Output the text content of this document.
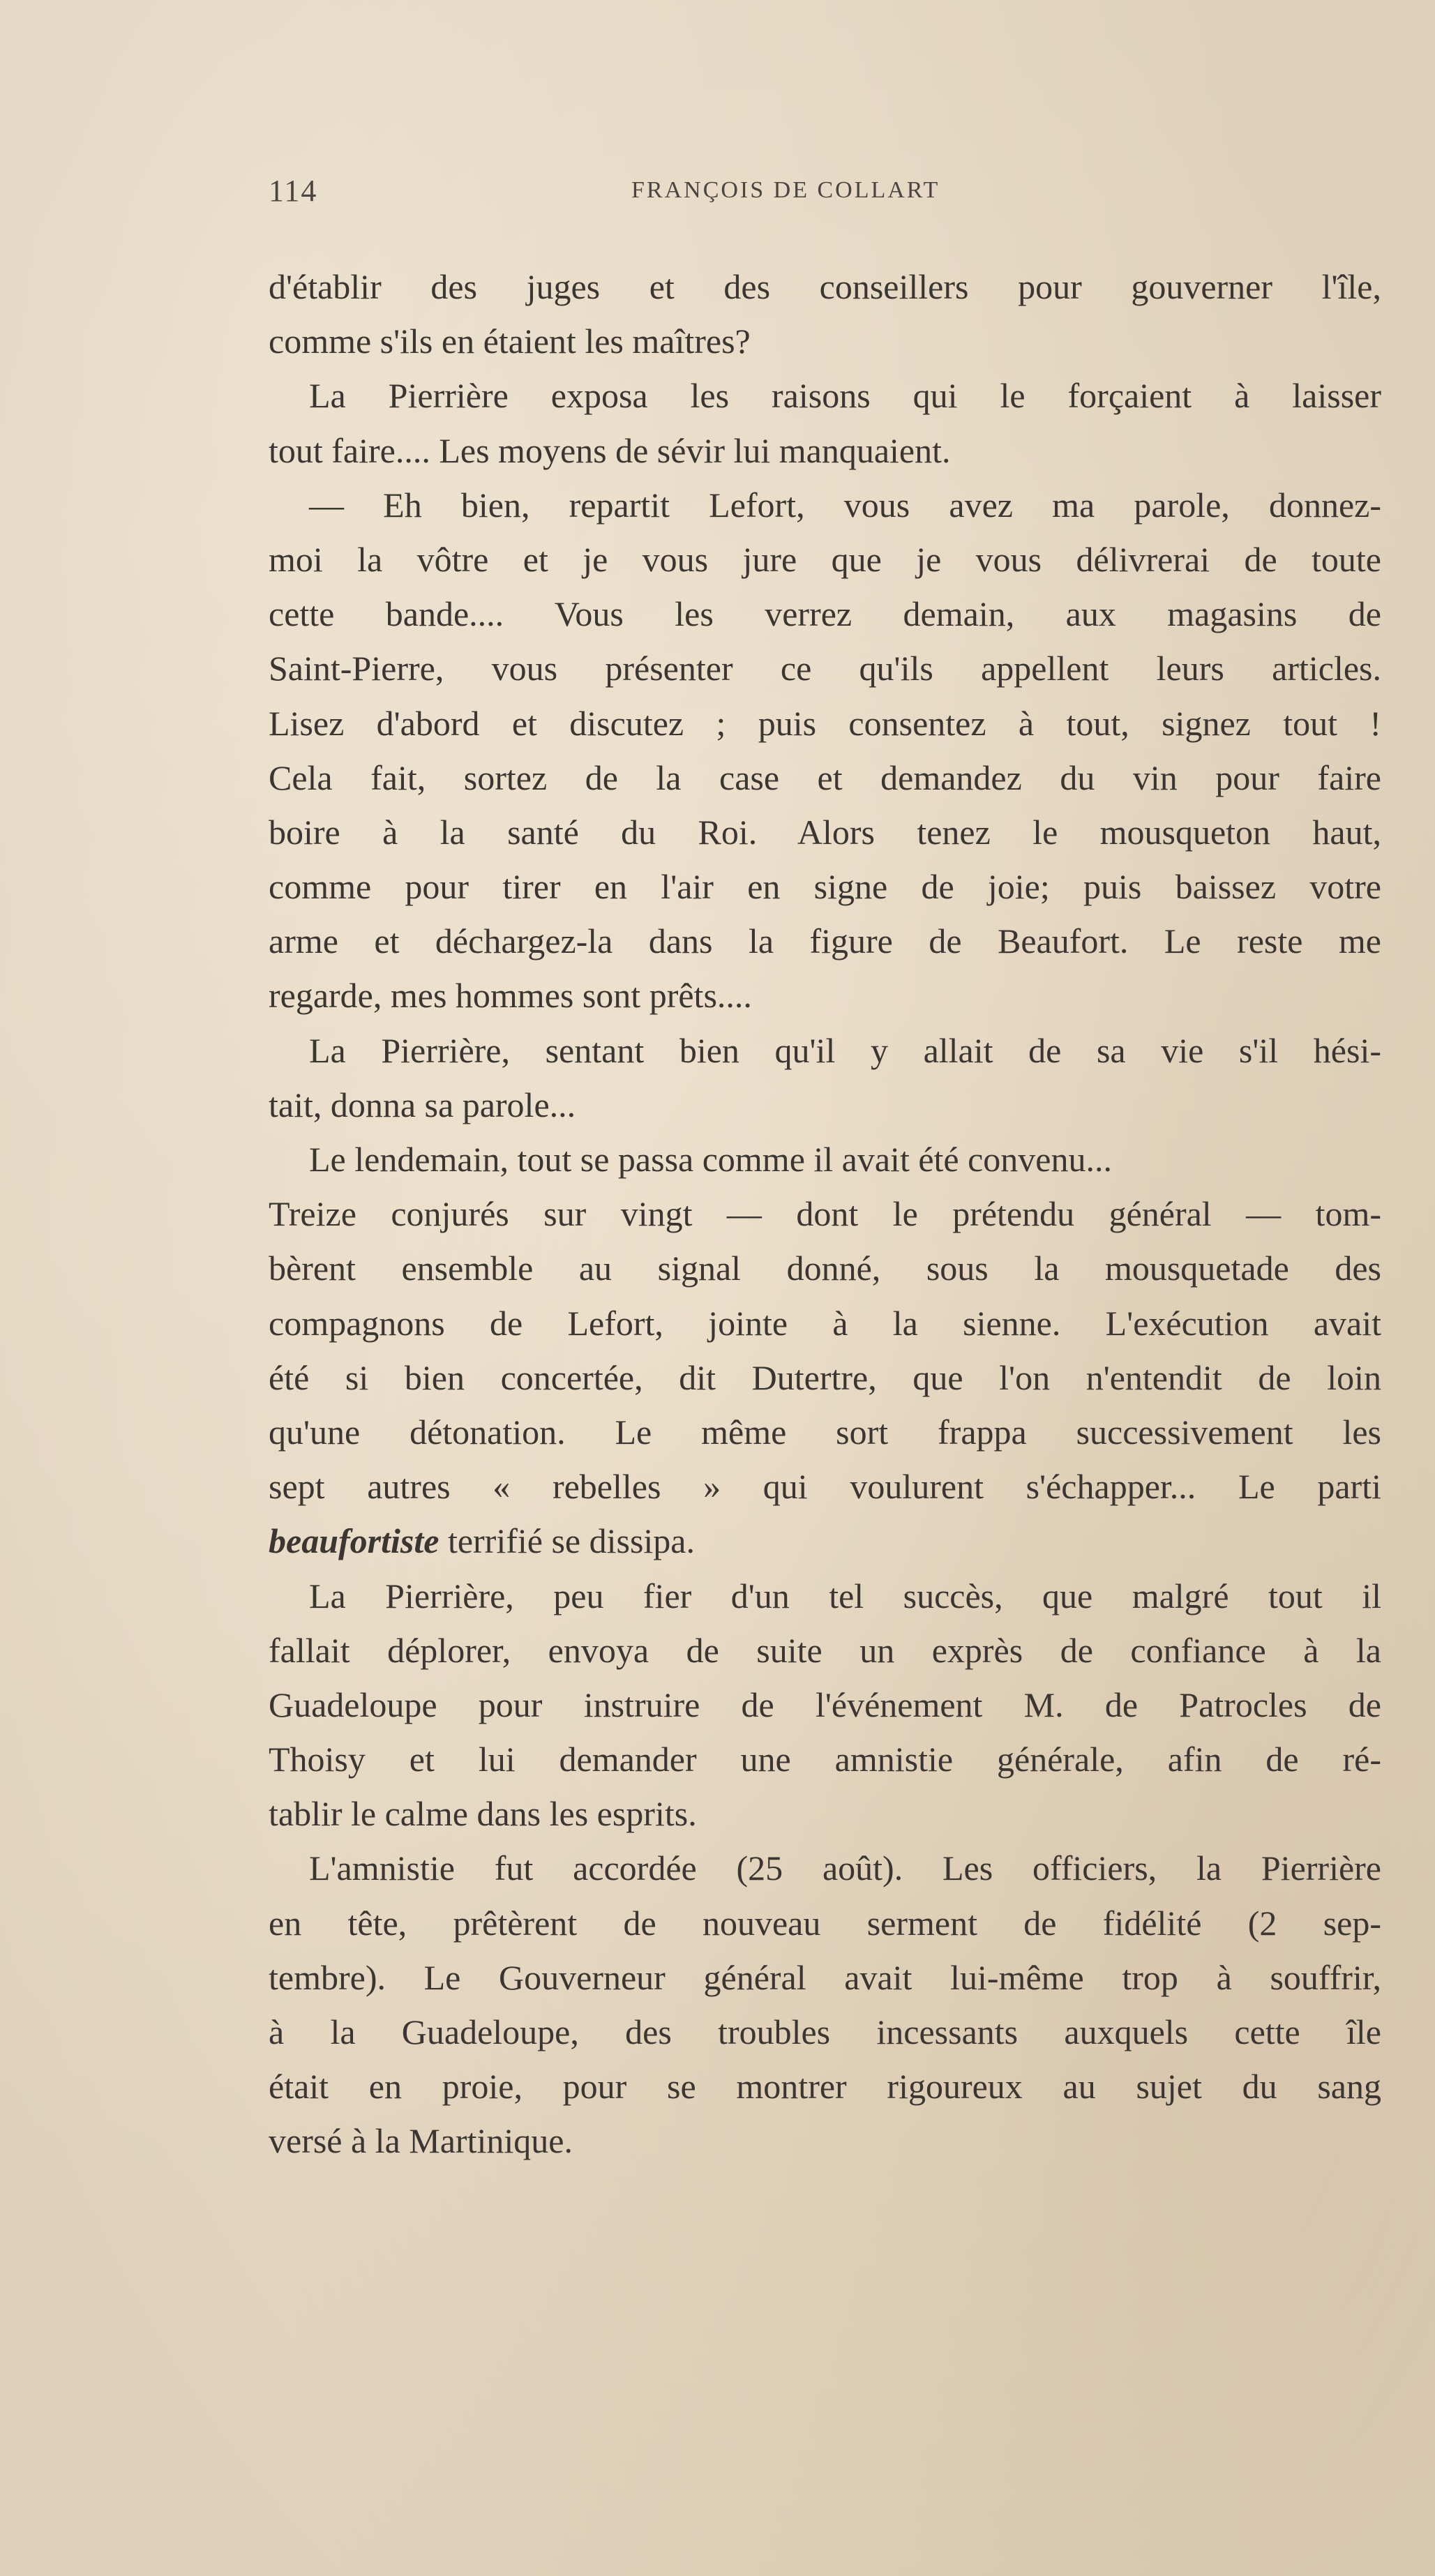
114	FRANÇOIS DE COLLART
d'établir des juges et des conseillers pour gouverner l'île,
comme s'ils en étaient les maîtres?
La Pierrière exposa les raisons qui le forçaient à laisser
tout faire.... Les moyens de sévir lui manquaient.
— Eh bien, repartit Lefort, vous avez ma parole, donnez-
moi la vôtre et je vous jure que je vous délivrerai de toute
cette bande.... Vous les verrez demain, aux magasins de
Saint-Pierre, vous présenter ce qu'ils appellent leurs articles.
Lisez d'abord et discutez ; puis consentez à tout, signez tout !
Cela fait, sortez de la case et demandez du vin pour faire
boire à la santé du Roi. Alors tenez le mousqueton haut,
comme pour tirer en l'air en signe de joie; puis baissez votre
arme et déchargez-la dans la figure de Beaufort. Le reste me
regarde, mes hommes sont prêts....
La Pierrière, sentant bien qu'il y allait de sa vie s'il hési-
tait, donna sa parole...
Le lendemain, tout se passa comme il avait été convenu...
Treize conjurés sur vingt — dont le prétendu général — tom-
bèrent ensemble au signal donné, sous la mousquetade des
compagnons de Lefort, jointe à la sienne. L'exécution avait
été si bien concertée, dit Dutertre, que l'on n'entendit de loin
qu'une détonation. Le même sort frappa successivement les
sept autres « rebelles » qui voulurent s'échapper... Le parti
beaufortiste terrifié se dissipa.
La Pierrière, peu fier d'un tel succès, que malgré tout il
fallait déplorer, envoya de suite un exprès de confiance à la
Guadeloupe pour instruire de l'événement M. de Patrocles de
Thoisy et lui demander une amnistie générale, afin de ré-
tablir le calme dans les esprits.
L'amnistie fut accordée (25 août). Les officiers, la Pierrière
en tête, prêtèrent de nouveau serment de fidélité (2 sep-
tembre). Le Gouverneur général avait lui-même trop à souffrir,
à la Guadeloupe, des troubles incessants auxquels cette île
était en proie, pour se montrer rigoureux au sujet du sang
versé à la Martinique.
